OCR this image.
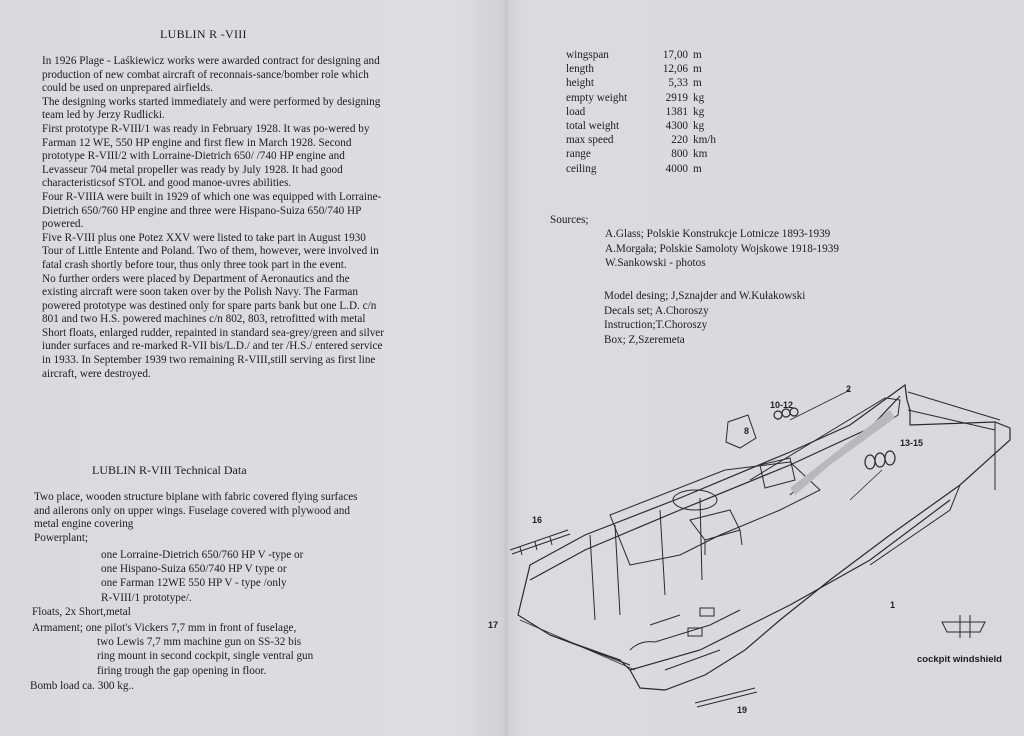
LUBLIN R -VIII

In 1926 Plage - Laśkiewicz works were awarded contract for designing and production of new combat aircraft of reconnais-sance/bomber role which could be used on unprepared airfields.

The designing works started immediately and were performed by designing team led by Jerzy Rudlicki.

First prototype R-VIII/1 was ready in February 1928. It was po-wered by Farman 12 WE, 550 HP engine and first flew in March 1928. Second prototype R-VIII/2 with Lorraine-Dietrich 650/ /740 HP engine and Levasseur 704 metal propeller was ready by July 1928. It had good characteristicsof STOL and good manoe-uvres abilities.

Four R-VIIIA were built in 1929 of which one was equipped with Lorraine-Dietrich 650/760 HP engine and three were Hispano-Suiza 650/740 HP powered.

Five R-VIII plus one Potez XXV were listed to take part in August 1930 Tour of Little Entente and Poland. Two of them, however, were involved in fatal crash shortly before tour, thus only three took part in the event.

No further orders were placed by Department of Aeronautics and the existing aircraft were soon taken over by the Polish Navy. The Farman powered prototype was destined only for spare parts bank but one L.D. c/n 801 and two H.S. powered machines c/n 802, 803, retrofitted with metal Short floats, enlarged rudder, repainted in standard sea-grey/green and silver iunder surfaces and re-marked R-VII bis/L.D./ and ter /H.S./ entered service in 1933. In September 1939 two remaining R-VIII,still serving as first line aircraft, were destroyed.

LUBLIN R-VIII Technical Data
Two place, wooden structure biplane with fabric covered flying surfaces and ailerons only on upper wings. Fuselage covered with plywood and metal engine covering
Powerplant;
one Lorraine-Dietrich 650/760 HP V -type or
one Hispano-Suiza 650/740 HP V type or
one Farman 12WE 550 HP V - type /only
R-VIII/1 prototype/.
Floats, 2x Short,metal
Armament; one pilot's Vickers 7,7 mm in front of fuselage,
two Lewis 7,7 mm machine gun on SS-32 bis
ring mount in second cockpit, single ventral gun
firing trough the gap opening in floor.
Bomb load ca. 300 kg..
wingspan	17,00	m
length	12,06	m
height	5,33	m
empty weight	2919	kg
load	1381	kg
total weight	4300	kg
max speed	220	km/h
range	800	km
ceiling	4000	m
Sources;
A.Glass; Polskie Konstrukcje Lotnicze 1893-1939
A.Morgała; Polskie Samoloty Wojskowe 1918-1939
W.Sankowski - photos
Model desing; J,Sznajder and W.Kułakowski
Decals set; A.Choroszy
Instruction;T.Choroszy
Box; Z,Szeremeta
2
8
10-12
13-15
16
17
1
19
cockpit windshield
